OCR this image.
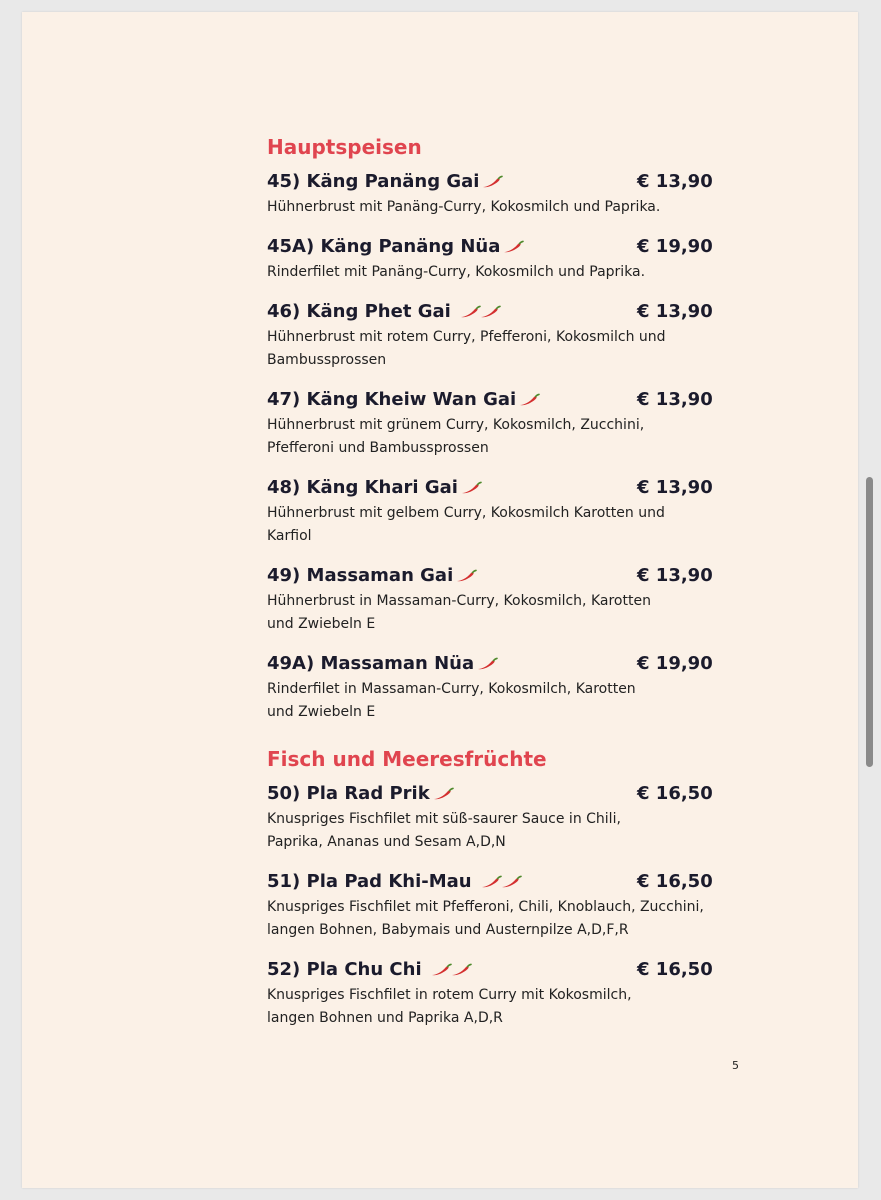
Hauptspeisen
45) Käng Panäng Gai	€ 13,90
Hühnerbrust mit Panäng-Curry, Kokosmilch und Paprika.
45A) Käng Panäng Nüa	€ 19,90
Rinderfilet mit Panäng-Curry, Kokosmilch und Paprika.
46) Käng Phet Gai	€ 13,90
Hühnerbrust mit rotem Curry, Pfefferoni, Kokosmilch und
Bambussprossen
47) Käng Kheiw Wan Gai	€ 13,90
Hühnerbrust mit grünem Curry, Kokosmilch, Zucchini,
Pfefferoni und Bambussprossen
48) Käng Khari Gai	€ 13,90
Hühnerbrust mit gelbem Curry, Kokosmilch Karotten und
Karfiol
49) Massaman Gai	€ 13,90
Hühnerbrust in Massaman-Curry, Kokosmilch, Karotten
und Zwiebeln E
49A) Massaman Nüa	€ 19,90
Rinderfilet in Massaman-Curry, Kokosmilch, Karotten
und Zwiebeln E
Fisch und Meeresfrüchte
50) Pla Rad Prik	€ 16,50
Knuspriges Fischfilet mit süß-saurer Sauce in Chili,
Paprika, Ananas und Sesam A,D,N
51) Pla Pad Khi-Mau	€ 16,50
Knuspriges Fischfilet mit Pfefferoni, Chili, Knoblauch, Zucchini,
langen Bohnen, Babymais und Austernpilze A,D,F,R
52) Pla Chu Chi	€ 16,50
Knuspriges Fischfilet in rotem Curry mit Kokosmilch,
langen Bohnen und Paprika A,D,R
5
